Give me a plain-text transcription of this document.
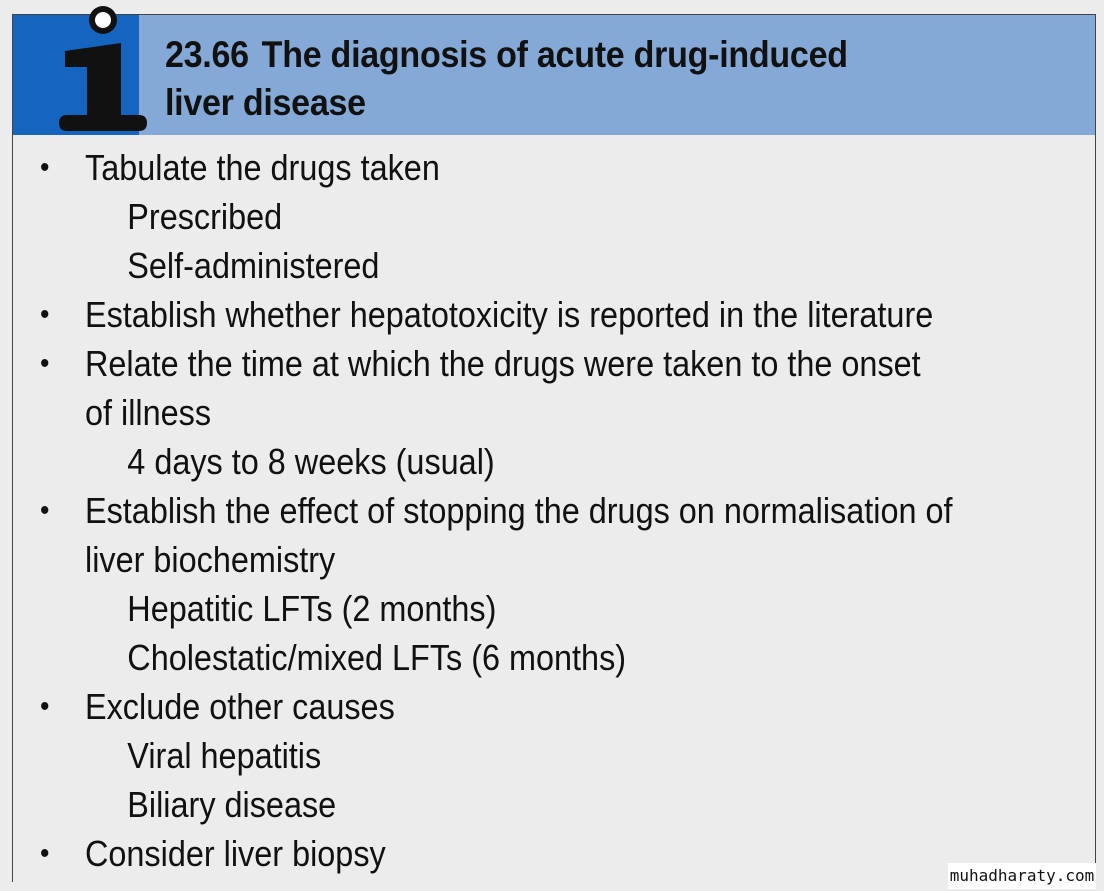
23.66 The diagnosis of acute drug-induced
liver disease
• Tabulate the drugs taken
Prescribed
Self-administered
• Establish whether hepatotoxicity is reported in the literature
• Relate the time at which the drugs were taken to the onset
of illness
4 days to 8 weeks (usual)
• Establish the effect of stopping the drugs on normalisation of
liver biochemistry
Hepatitic LFTs (2 months)
Cholestatic/mixed LFTs (6 months)
• Exclude other causes
Viral hepatitis
Biliary disease
• Consider liver biopsy
muhadharaty.com
